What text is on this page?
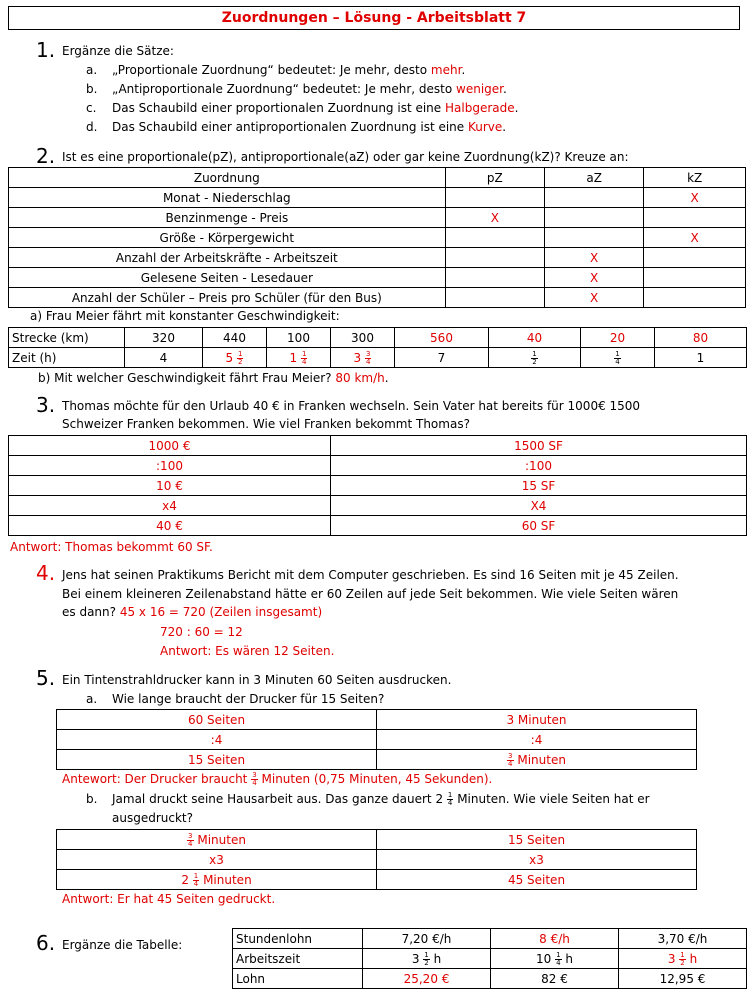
Zuordnungen – Lösung - Arbeitsblatt 7
1. Ergänze die Sätze:
a. „Proportionale Zuordnung“ bedeutet: Je mehr, desto mehr.
b. „Antiproportionale Zuordnung“ bedeutet: Je mehr, desto weniger.
c. Das Schaubild einer proportionalen Zuordnung ist eine Halbgerade.
d. Das Schaubild einer antiproportionalen Zuordnung ist eine Kurve.
2. Ist es eine proportionale(pZ), antiproportionale(aZ) oder gar keine Zuordnung(kZ)? Kreuze an:
Zuordnung	pZ	aZ	kZ
Monat - Niederschlag			X
Benzinmenge - Preis	X		
Größe - Körpergewicht			X
Anzahl der Arbeitskräfte - Arbeitszeit		X	
Gelesene Seiten - Lesedauer		X	
Anzahl der Schüler – Preis pro Schüler (für den Bus)		X	
a) Frau Meier fährt mit konstanter Geschwindigkeit:
Strecke (km)	320	440	100	300	560	40	20	80
Zeit (h)	4	$5 \frac{1}{2}$	$1 \frac{1}{4}$	$3 \frac{3}{4}$	7	$\frac{1}{2}$	$\frac{1}{4}$	1
b) Mit welcher Geschwindigkeit fährt Frau Meier? 80 km/h.
3. Thomas möchte für den Urlaub 40 € in Franken wechseln. Sein Vater hat bereits für 1000€ 1500
Schweizer Franken bekommen. Wie viel Franken bekommt Thomas?
1000 €	1500 SF
:100	:100
10 €	15 SF
x4	X4
40 €	60 SF
Antwort: Thomas bekommt 60 SF.
4. Jens hat seinen Praktikums Bericht mit dem Computer geschrieben. Es sind 16 Seiten mit je 45 Zeilen.
Bei einem kleineren Zeilenabstand hätte er 60 Zeilen auf jede Seit bekommen. Wie viele Seiten wären
es dann? 45 x 16 = 720 (Zeilen insgesamt)
720 : 60 = 12
Antwort: Es wären 12 Seiten.
5. Ein Tintenstrahldrucker kann in 3 Minuten 60 Seiten ausdrucken.
a. Wie lange braucht der Drucker für 15 Seiten?
60 Seiten	3 Minuten
:4	:4
15 Seiten	$\frac{3}{4}$ Minuten
Antewort: Der Drucker braucht $\frac{3}{4}$ Minuten (0,75 Minuten, 45 Sekunden).
b. Jamal druckt seine Hausarbeit aus. Das ganze dauert $2 \frac{1}{4}$ Minuten. Wie viele Seiten hat er
ausgedruckt?
$\frac{3}{4}$ Minuten	15 Seiten
x3	x3
$2 \frac{1}{4}$ Minuten	45 Seiten
Antwort: Er hat 45 Seiten gedruckt.
6. Ergänze die Tabelle:	Stundenlohn	7,20 €/h	8 €/h	3,70 €/h
Arbeitszeit	$3 \frac{1}{2}$ h	$10 \frac{1}{4}$ h	$3 \frac{1}{2}$ h
Lohn	25,20 €	82 €	12,95 €
